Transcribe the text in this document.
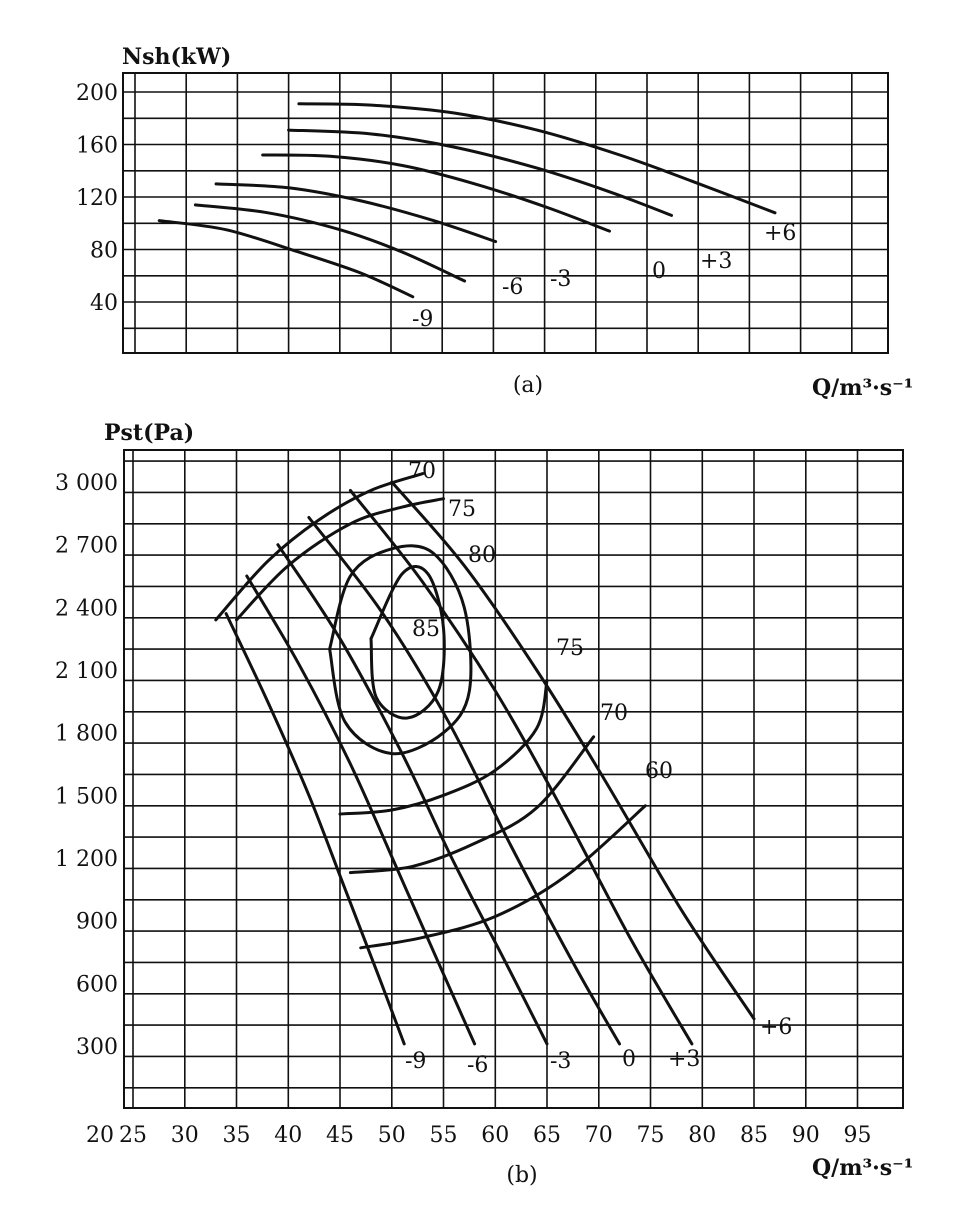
200
160
120
80
40
-9
-6 -3	0 +3
+6
Nsh(kW)
(a)	Q/m³·s⁻¹
3 000
2 700
2 400
2 100
1 800
1 500
1 200
900
600
300
20 25 30 35 40 45 50 55 60 65 70 75 80 85 90 95
-9 -6	-3 0 +3
+6
70
75
80
85
75
70
60
Pst(Pa)
(b)	Q/m³·s⁻¹
